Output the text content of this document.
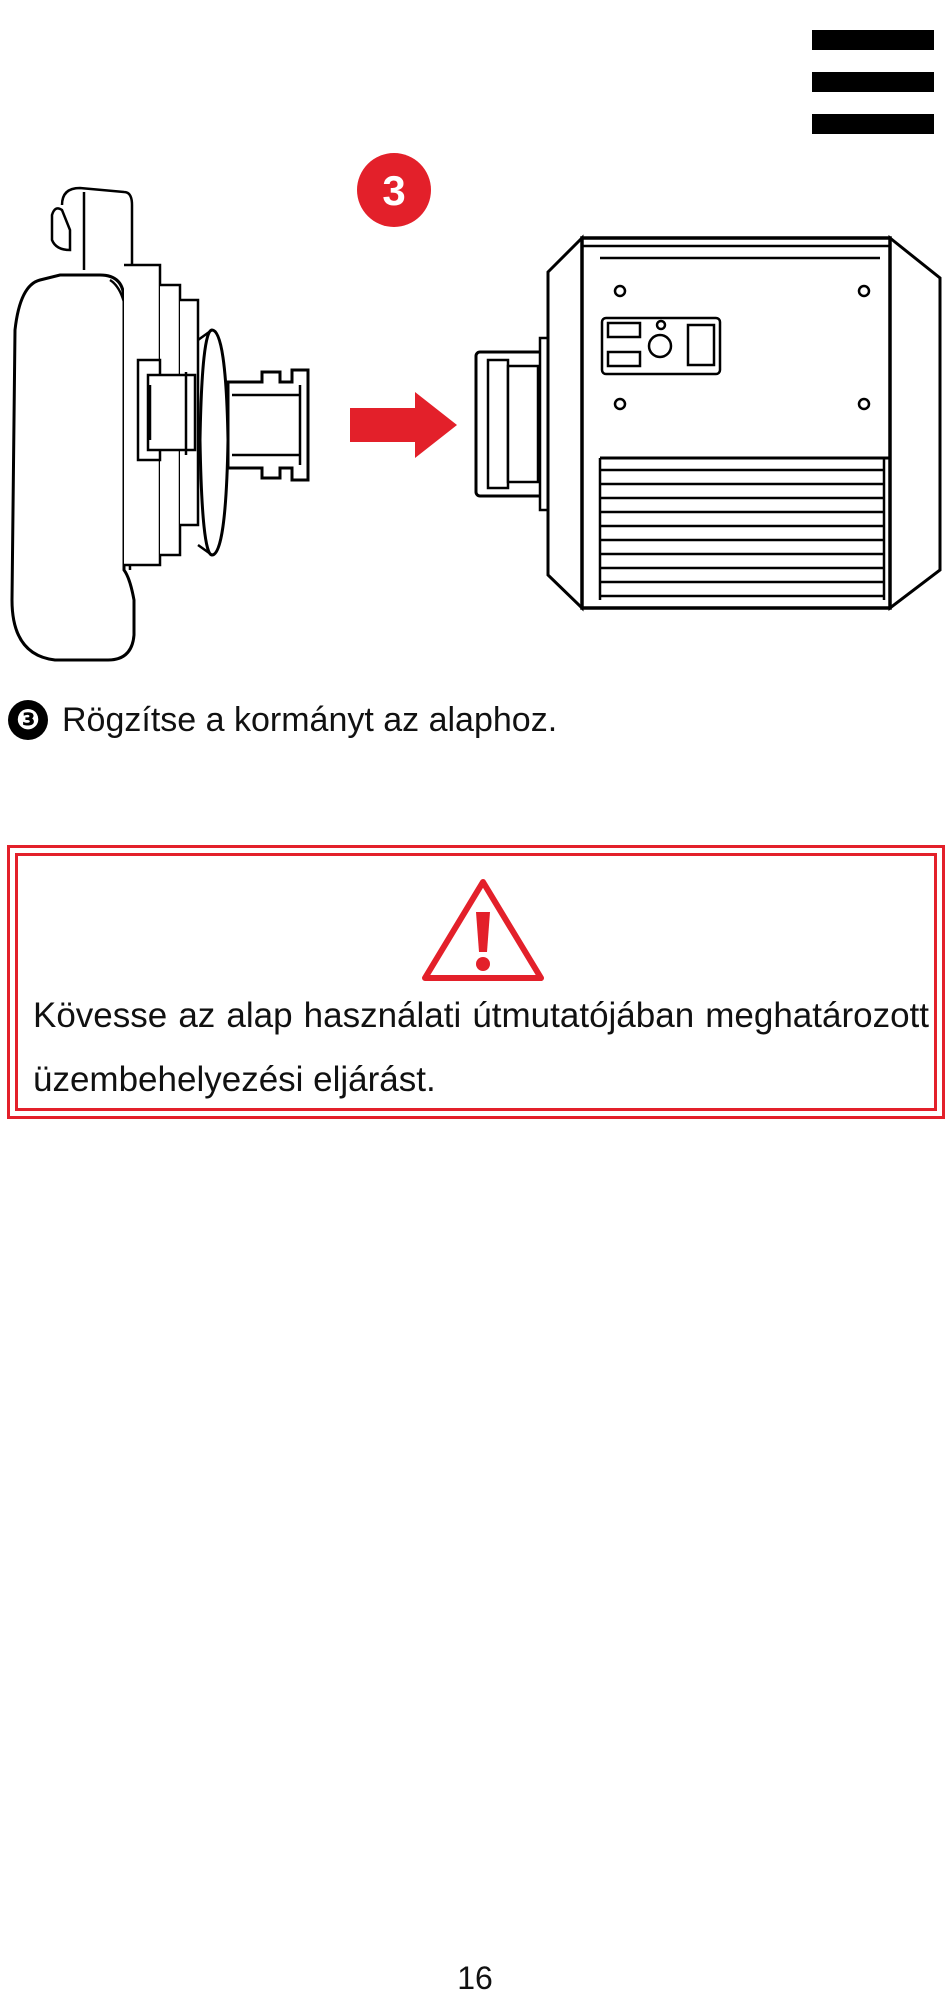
3
❸ Rögzítse a kormányt az alaphoz.
Kövesse az alap használati útmutatójában meghatározott üzembehelyezési eljárást.
16
